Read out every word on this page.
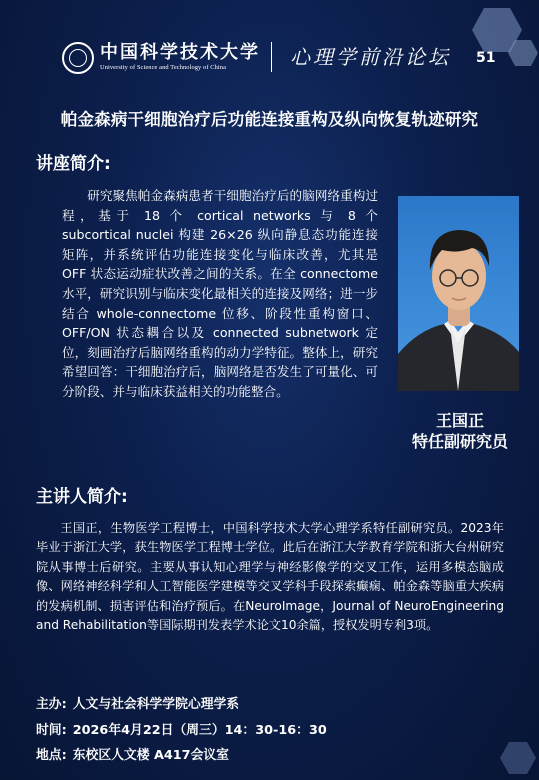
中国科学技术大学
University of Science and Technology of China	心理学前沿论坛 51
帕金森病干细胞治疗后功能连接重构及纵向恢复轨迹研究
讲座简介:
研究聚焦帕金森病患者干细胞治疗后的脑网络重构过程，基于 18 个 cortical networks 与 8 个 subcortical nuclei 构建 26×26 纵向静息态功能连接矩阵，并系统评估功能连接变化与临床改善，尤其是 OFF 状态运动症状改善之间的关系。在全 connectome 水平，研究识别与临床变化最相关的连接及网络；进一步结合 whole-connectome 位移、阶段性重构窗口、OFF/ON 状态耦合以及 connected subnetwork 定位，刻画治疗后脑网络重构的动力学特征。整体上，研究希望回答：干细胞治疗后，脑网络是否发生了可量化、可分阶段、并与临床获益相关的功能整合。
王国正
特任副研究员
主讲人简介:
王国正，生物医学工程博士，中国科学技术大学心理学系特任副研究员。2023年毕业于浙江大学，获生物医学工程博士学位。此后在浙江大学教育学院和浙大台州研究院从事博士后研究。主要从事认知心理学与神经影像学的交叉工作，运用多模态脑成像、网络神经科学和人工智能医学建模等交叉学科手段探索癫痫、帕金森等脑重大疾病的发病机制、损害评估和治疗预后。在NeuroImage，Journal of NeuroEngineering and Rehabilitation等国际期刊发表学术论文10余篇，授权发明专利3项。
主办: 人文与社会科学学院心理学系
时间: 2026年4月22日（周三）14：30-16：30
地点: 东校区人文楼 A417会议室
